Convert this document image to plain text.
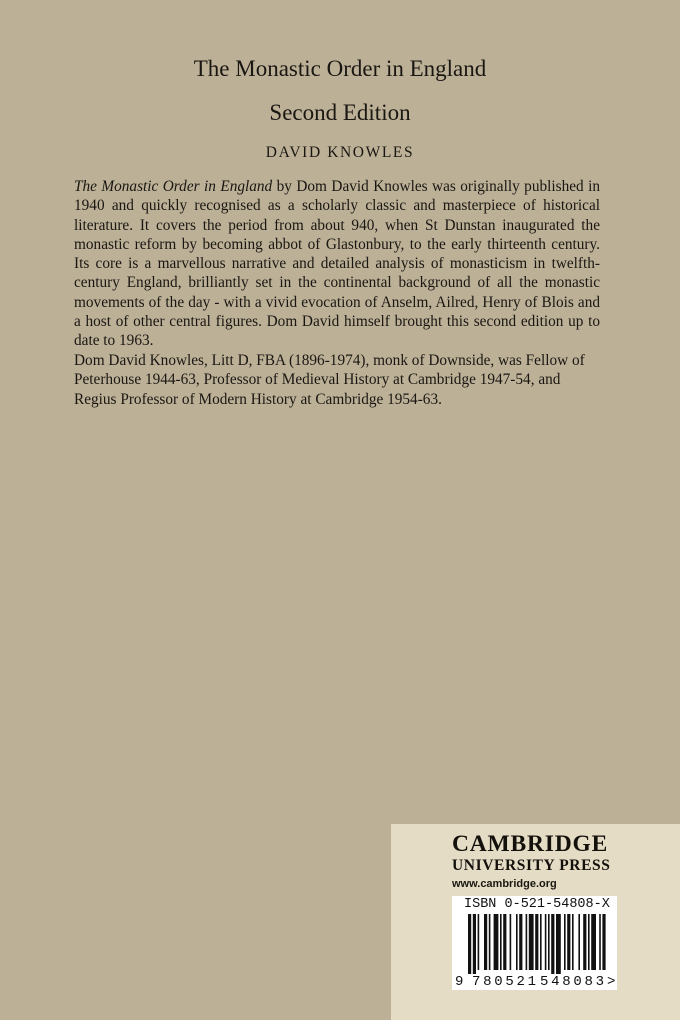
The Monastic Order in England
Second Edition
DAVID KNOWLES

The Monastic Order in England by Dom David Knowles was originally published in 1940 and quickly recognised as a scholarly classic and masterpiece of historical literature. It covers the period from about 940, when St Dunstan inaugurated the monastic reform by becoming abbot of Glastonbury, to the early thirteenth century. Its core is a marvellous narrative and detailed analysis of monasticism in twelfth-century England, brilliantly set in the continental background of all the monastic movements of the day - with a vivid evocation of Anselm, Ailred, Henry of Blois and a host of other central figures. Dom David himself brought this second edition up to date to 1963.

Dom David Knowles, Litt D, FBA (1896-1974), monk of Downside, was Fellow of Peterhouse 1944-63, Professor of Medieval History at Cambridge 1947-54, and Regius Professor of Modern History at Cambridge 1954-63.

CAMBRIDGE
UNIVERSITY PRESS
www.cambridge.org
ISBN 0-521-54808-X
9 780521 548083 >
